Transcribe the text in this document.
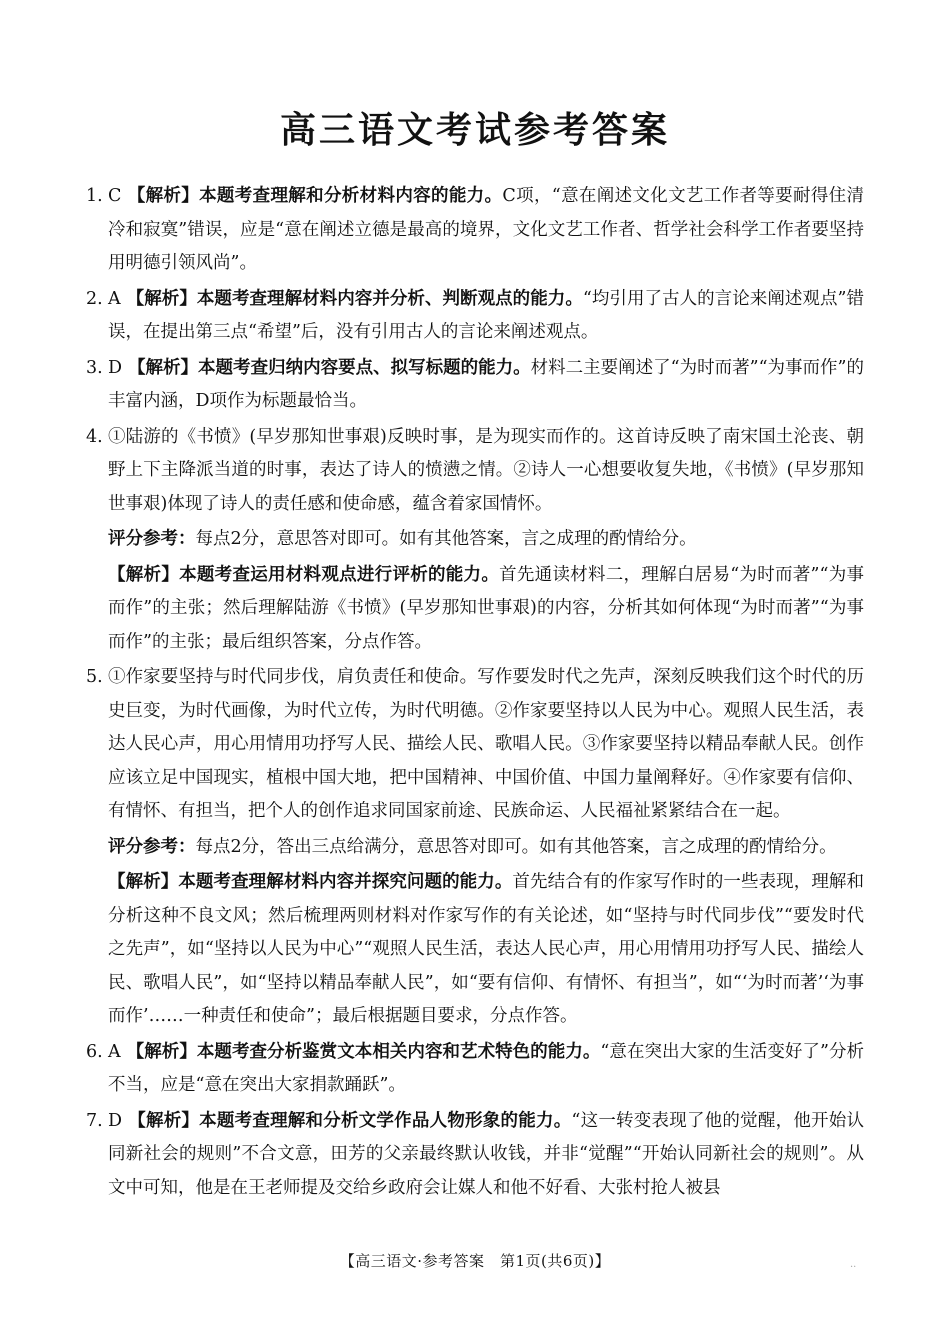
高三语文考试参考答案
1. C 【解析】本题考查理解和分析材料内容的能力。C项，“意在阐述文化文艺工作者等要耐得住清冷和寂寞”错误，应是“意在阐述立德是最高的境界，文化文艺工作者、哲学社会科学工作者要坚持用明德引领风尚”。
2. A 【解析】本题考查理解材料内容并分析、判断观点的能力。“均引用了古人的言论来阐述观点”错误，在提出第三点“希望”后，没有引用古人的言论来阐述观点。
3. D 【解析】本题考查归纳内容要点、拟写标题的能力。材料二主要阐述了“为时而著”“为事而作”的丰富内涵，D项作为标题最恰当。
4. ①陆游的《书愤》(早岁那知世事艰)反映时事，是为现实而作的。这首诗反映了南宋国土沦丧、朝野上下主降派当道的时事，表达了诗人的愤懑之情。②诗人一心想要收复失地，《书愤》(早岁那知世事艰)体现了诗人的责任感和使命感，蕴含着家国情怀。
评分参考：每点2分，意思答对即可。如有其他答案，言之成理的酌情给分。
【解析】本题考查运用材料观点进行评析的能力。首先通读材料二，理解白居易“为时而著”“为事而作”的主张；然后理解陆游《书愤》(早岁那知世事艰)的内容，分析其如何体现“为时而著”“为事而作”的主张；最后组织答案，分点作答。
5. ①作家要坚持与时代同步伐，肩负责任和使命。写作要发时代之先声，深刻反映我们这个时代的历史巨变，为时代画像，为时代立传，为时代明德。②作家要坚持以人民为中心。观照人民生活，表达人民心声，用心用情用功抒写人民、描绘人民、歌唱人民。③作家要坚持以精品奉献人民。创作应该立足中国现实，植根中国大地，把中国精神、中国价值、中国力量阐释好。④作家要有信仰、有情怀、有担当，把个人的创作追求同国家前途、民族命运、人民福祉紧紧结合在一起。
评分参考：每点2分，答出三点给满分，意思答对即可。如有其他答案，言之成理的酌情给分。
【解析】本题考查理解材料内容并探究问题的能力。首先结合有的作家写作时的一些表现，理解和分析这种不良文风；然后梳理两则材料对作家写作的有关论述，如“坚持与时代同步伐”“要发时代之先声”，如“坚持以人民为中心”“观照人民生活，表达人民心声，用心用情用功抒写人民、描绘人民、歌唱人民”，如“坚持以精品奉献人民”，如“要有信仰、有情怀、有担当”，如“‘为时而著’‘为事而作’……一种责任和使命”；最后根据题目要求，分点作答。
6. A 【解析】本题考查分析鉴赏文本相关内容和艺术特色的能力。“意在突出大家的生活变好了”分析不当，应是“意在突出大家捐款踊跃”。
7. D 【解析】本题考查理解和分析文学作品人物形象的能力。“这一转变表现了他的觉醒，他开始认同新社会的规则”不合文意，田芳的父亲最终默认收钱，并非“觉醒”“开始认同新社会的规则”。从文中可知，他是在王老师提及交给乡政府会让媒人和他不好看、大张村抢人被县
【高三语文·参考答案　第1页(共6页)】	··
